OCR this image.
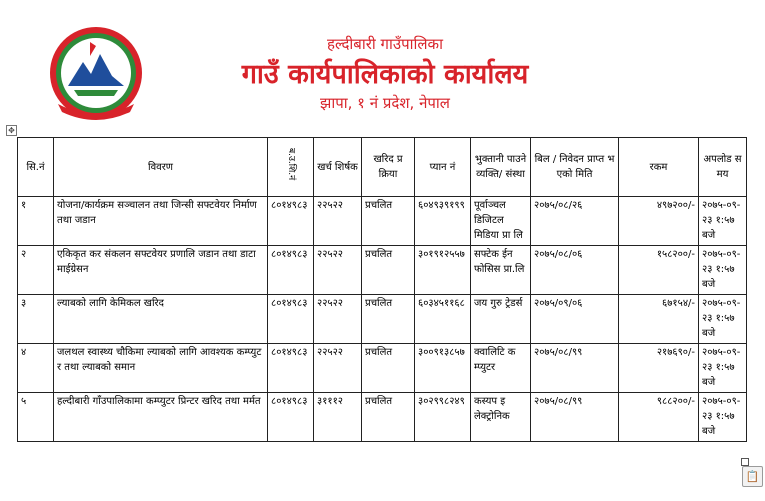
हल्दीबारी गाउँपालिका
गाउँ कार्यपालिकाको कार्यालय
झापा, १ नं प्रदेश, नेपाल
✥
सि.नं	विवरण	ब.उ.शि.नं	खर्च शिर्षक	खरिद प्रक्रिया	प्यान नं	भुक्तानी पाउने व्यक्ति/ संस्था	बिल / निवेदन प्राप्त भएको मिति	रकम	अपलोड समय
१	योजना/कार्यक्रम सञ्चालन तथा जिन्सी सफ्टवेयर निर्माण तथा जडान	८०१४९८३	२२५२२	प्रचलित	६०४९३९१९९	पूर्वाञ्चल डिजिटल मिडिया प्रा लि	२०७५/०८/२६	४९७२००/-	२०७५-०९-२३ १:५७ बजे
२	एकिकृत कर संकलन सफ्टवेयर प्रणालि जडान तथा डाटा माईग्रेसन	८०१४९८३	२२५२२	प्रचलित	३०१९१२५५७	सफ्टेक ईनफोसिस प्रा.लि	२०७५/०८/०६	१५८२००/-	२०७५-०९-२३ १:५७ बजे
३	ल्याबको लागि केमिकल खरिद	८०१४९८३	२२५२२	प्रचलित	६०३४५११६८	जय गुरु ट्रेडर्स	२०७५/०९/०६	६७१५४/-	२०७५-०९-२३ १:५७ बजे
४	जलथल स्वास्थ्य चौकिमा ल्याबको लागि आवश्यक कम्प्युटर तथा ल्याबको समान	८०१४९८३	२२५२२	प्रचलित	३००९१३८५७	क्वालिटि कम्प्युटर	२०७५/०८/९९	२१७६९०/-	२०७५-०९-२३ १:५७ बजे
५	हल्दीबारी गाँउपालिकामा कम्प्युटर प्रिन्टर खरिद तथा मर्मत	८०१४९८३	३१११२	प्रचलित	३०२९९८२४९	कस्यप इलेक्ट्रोनिक	२०७५/०८/९९	९८८२००/-	२०७५-०९-२३ १:५७ बजे
📋
